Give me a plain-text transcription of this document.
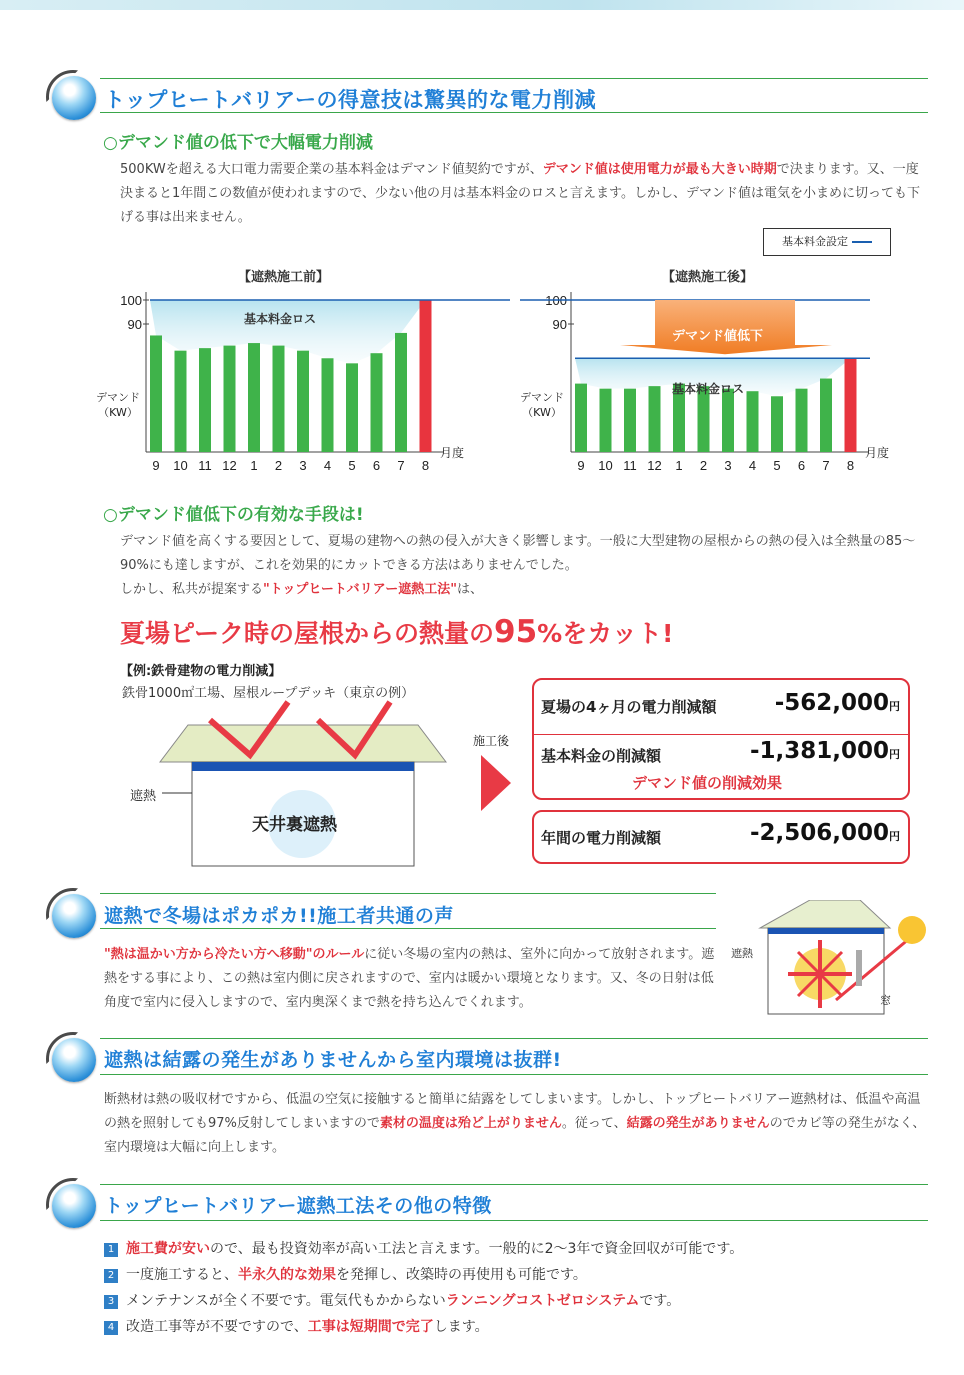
トップヒートバリアーの得意技は驚異的な電力削減
○デマンド値の低下で大幅電力削減
500KWを超える大口電力需要企業の基本料金はデマンド値契約ですが、デマンド値は使用電力が最も大きい時期で決まります。又、一度決まると1年間この数値が使われますので、少ない他の月は基本料金のロスと言えます。しかし、デマンド値は電気を小まめに切っても下げる事は出来ません。
基本料金設定
【遮熱施工前】	【遮熱施工後】
100
90
9 10 11 12 1 2 3 4 5 6 7 8
100
90
9 10 11 12 1 2 3 4 5 6 7 8
基本料金ロス
基本料金ロス
デマンド値低下
デマンド
（KW）
デマンド
（KW）
月度	月度
○デマンド値低下の有効な手段は!
デマンド値を高くする要因として、夏場の建物への熱の侵入が大きく影響します。一般に大型建物の屋根からの熱の侵入は全熱量の85～90%にも達しますが、これを効果的にカットできる方法はありませんでした。
しかし、私共が提案する"トップヒートバリアー遮熱工法"は、
夏場ピーク時の屋根からの熱量の95%をカット!
【例:鉄骨建物の電力削減】
鉄骨1000㎡工場、屋根ループデッキ（東京の例）
遮熱
天井裏遮熱
施工後
夏場の4ヶ月の電力削減額	-562,000円
基本料金の削減額	-1,381,000円
デマンド値の削減効果
年間の電力削減額	-2,506,000円
遮熱で冬場はポカポカ!!施工者共通の声
"熱は温かい方から冷たい方へ移動"のルールに従い冬場の室内の熱は、室外に向かって放射されます。遮熱をする事により、この熱は室内側に戻されますので、室内は暖かい環境となります。又、冬の日射は低角度で室内に侵入しますので、室内奥深くまで熱を持ち込んでくれます。
遮熱
窓
遮熱は結露の発生がありませんから室内環境は抜群!
断熱材は熱の吸収材ですから、低温の空気に接触すると簡単に結露をしてしまいます。しかし、トップヒートバリアー遮熱材は、低温や高温の熱を照射しても97%反射してしまいますので素材の温度は殆ど上がりません。従って、結露の発生がありませんのでカビ等の発生がなく、室内環境は大幅に向上します。
トップヒートバリアー遮熱工法その他の特徴
1 施工費が安いので、最も投資効率が高い工法と言えます。一般的に2～3年で資金回収が可能です。
2 一度施工すると、半永久的な効果を発揮し、改築時の再使用も可能です。
3 メンテナンスが全く不要です。電気代もかからないランニングコストゼロシステムです。
4 改造工事等が不要ですので、工事は短期間で完了します。
